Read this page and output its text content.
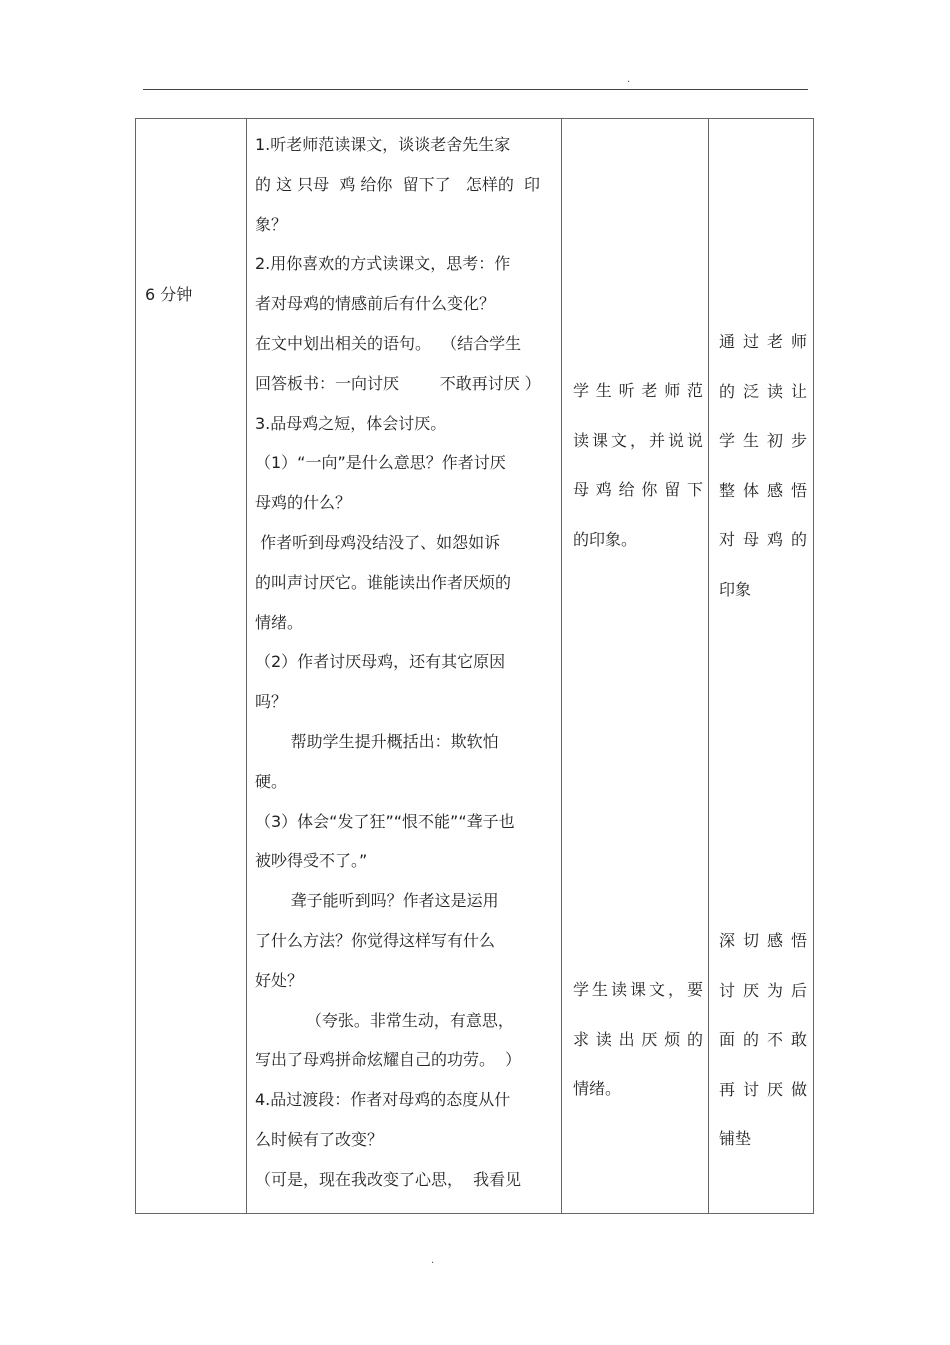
.
6 分钟
1.听老师范读课文，谈谈老舍先生家
的 这 只母  鸡 给你  留下了   怎样的  印
象？
2.用你喜欢的方式读课文，思考：作
者对母鸡的情感前后有什么变化？
在文中划出相关的语句。  （结合学生
回答板书：一向讨厌        不敢再讨厌 ）
3.品母鸡之短，体会讨厌。
（1）“一向”是什么意思？作者讨厌
母鸡的什么？
作者听到母鸡没结没了、如怨如诉
的叫声讨厌它。谁能读出作者厌烦的
情绪。
（2）作者讨厌母鸡，还有其它原因
吗？
帮助学生提升概括出：欺软怕
硬。
（3）体会“发了狂”“恨不能”“聋子也
被吵得受不了。”
聋子能听到吗？作者这是运用
了什么方法？你觉得这样写有什么
好处？
（夸张。非常生动，有意思，
写出了母鸡拼命炫耀自己的功劳。  ）
4.品过渡段：作者对母鸡的态度从什
么时候有了改变？
（可是，现在我改变了心思，  我看见

学生听老师范

读课文，并说说

母鸡给你留下

的印象。

学生读课文，要

求读出厌烦的

情绪。

通过老师

的泛读让

学生初步

整体感悟

对母鸡的

印象

深切感悟

讨厌为后

面的不敢

再讨厌做

铺垫

.
